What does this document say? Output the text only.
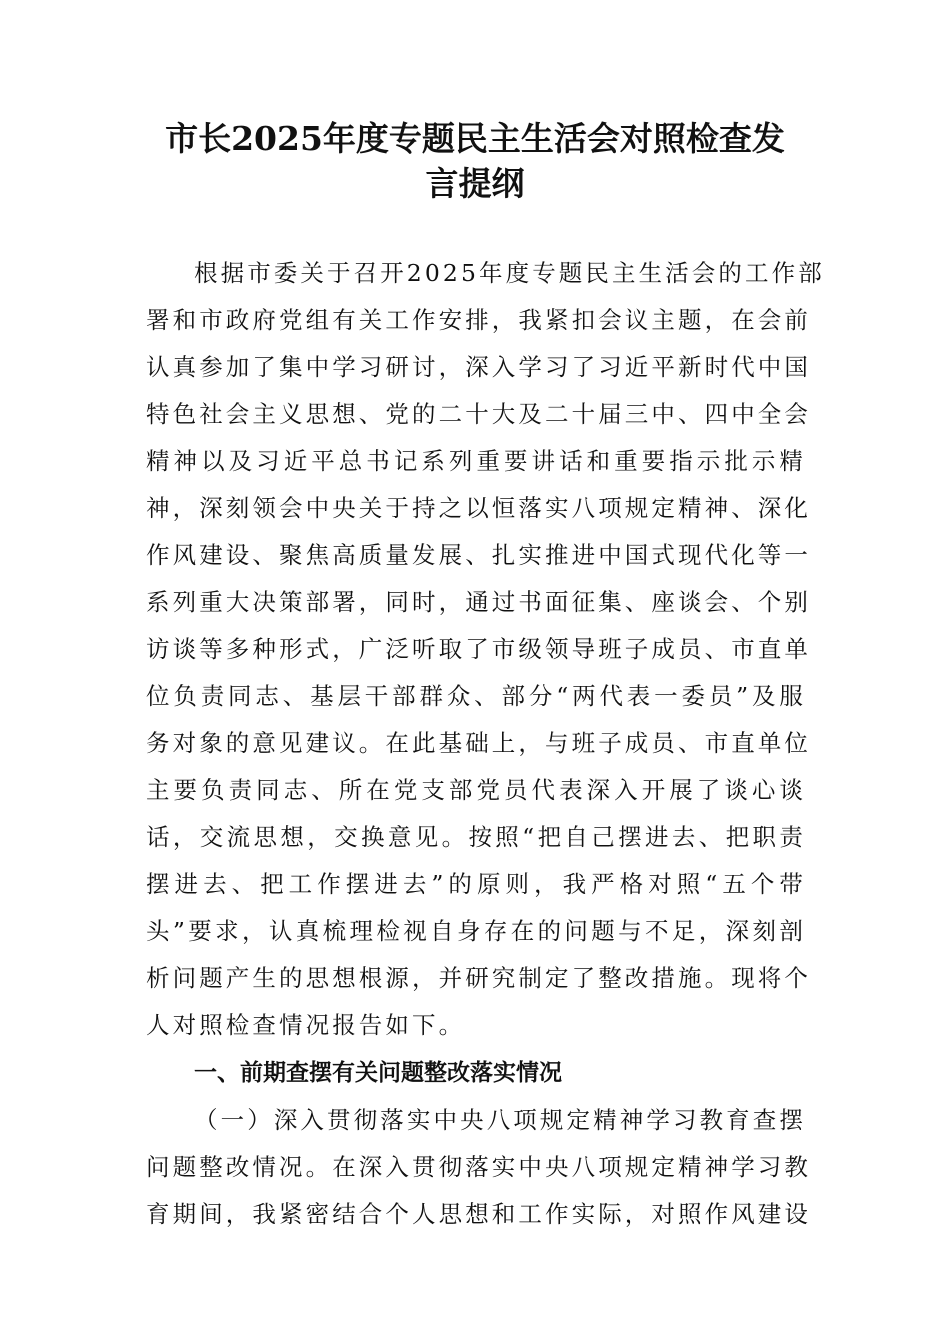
市长2025年度专题民主生活会对照检查发
言提纲
根据市委关于召开2025年度专题民主生活会的工作部
署和市政府党组有关工作安排，我紧扣会议主题，在会前
认真参加了集中学习研讨，深入学习了习近平新时代中国
特色社会主义思想、党的二十大及二十届三中、四中全会
精神以及习近平总书记系列重要讲话和重要指示批示精
神，深刻领会中央关于持之以恒落实八项规定精神、深化
作风建设、聚焦高质量发展、扎实推进中国式现代化等一
系列重大决策部署，同时，通过书面征集、座谈会、个别
访谈等多种形式，广泛听取了市级领导班子成员、市直单
位负责同志、基层干部群众、部分“两代表一委员”及服
务对象的意见建议。在此基础上，与班子成员、市直单位
主要负责同志、所在党支部党员代表深入开展了谈心谈
话，交流思想，交换意见。按照“把自己摆进去、把职责
摆进去、把工作摆进去”的原则，我严格对照“五个带
头”要求，认真梳理检视自身存在的问题与不足，深刻剖
析问题产生的思想根源，并研究制定了整改措施。现将个
人对照检查情况报告如下。
一、前期查摆有关问题整改落实情况
（一）深入贯彻落实中央八项规定精神学习教育查摆
问题整改情况。在深入贯彻落实中央八项规定精神学习教
育期间，我紧密结合个人思想和工作实际，对照作风建设
